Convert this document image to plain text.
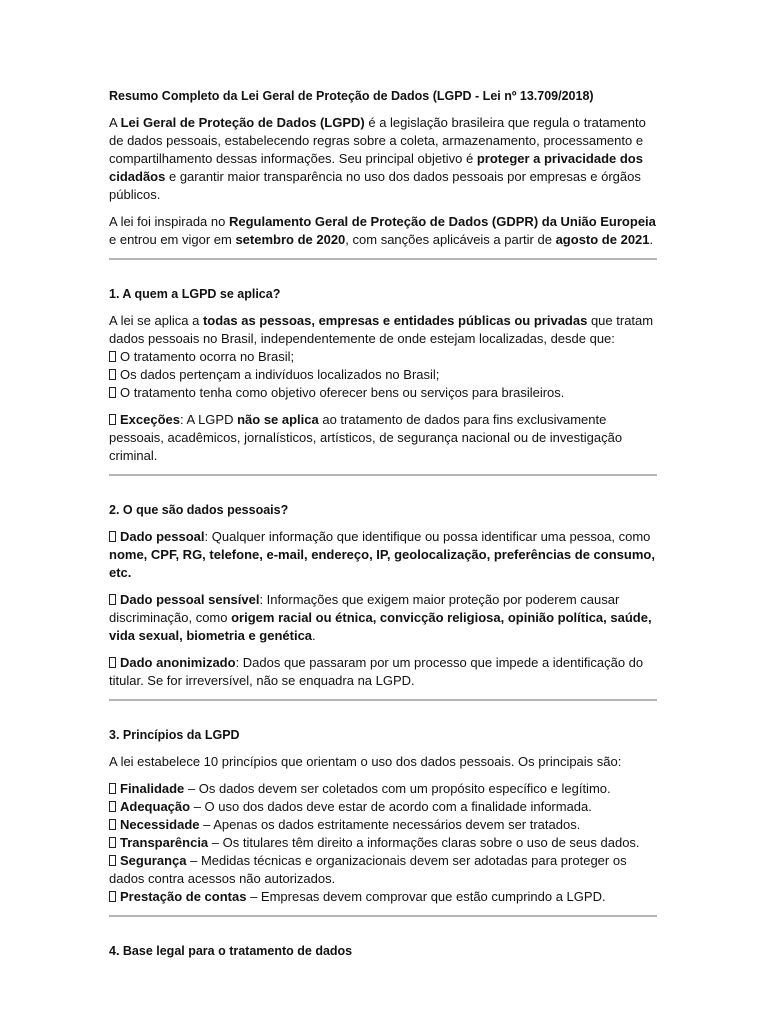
Resumo Completo da Lei Geral de Proteção de Dados (LGPD - Lei nº 13.709/2018)

A Lei Geral de Proteção de Dados (LGPD) é a legislação brasileira que regula o tratamento de dados pessoais, estabelecendo regras sobre a coleta, armazenamento, processamento e compartilhamento dessas informações. Seu principal objetivo é proteger a privacidade dos cidadãos e garantir maior transparência no uso dos dados pessoais por empresas e órgãos públicos.

A lei foi inspirada no Regulamento Geral de Proteção de Dados (GDPR) da União Europeia e entrou em vigor em setembro de 2020, com sanções aplicáveis a partir de agosto de 2021.

1. A quem a LGPD se aplica?
A lei se aplica a todas as pessoas, empresas e entidades públicas ou privadas que tratam dados pessoais no Brasil, independentemente de onde estejam localizadas, desde que:
O tratamento ocorra no Brasil;
Os dados pertençam a indivíduos localizados no Brasil;
O tratamento tenha como objetivo oferecer bens ou serviços para brasileiros.

Exceções: A LGPD não se aplica ao tratamento de dados para fins exclusivamente pessoais, acadêmicos, jornalísticos, artísticos, de segurança nacional ou de investigação criminal.

2. O que são dados pessoais?

Dado pessoal: Qualquer informação que identifique ou possa identificar uma pessoa, como nome, CPF, RG, telefone, e-mail, endereço, IP, geolocalização, preferências de consumo, etc.

Dado pessoal sensível: Informações que exigem maior proteção por poderem causar discriminação, como origem racial ou étnica, convicção religiosa, opinião política, saúde, vida sexual, biometria e genética.

Dado anonimizado: Dados que passaram por um processo que impede a identificação do titular. Se for irreversível, não se enquadra na LGPD.

3. Princípios da LGPD

A lei estabelece 10 princípios que orientam o uso dos dados pessoais. Os principais são:

Finalidade – Os dados devem ser coletados com um propósito específico e legítimo.
Adequação – O uso dos dados deve estar de acordo com a finalidade informada.
Necessidade – Apenas os dados estritamente necessários devem ser tratados.
Transparência – Os titulares têm direito a informações claras sobre o uso de seus dados.
Segurança – Medidas técnicas e organizacionais devem ser adotadas para proteger os dados contra acessos não autorizados.
Prestação de contas – Empresas devem comprovar que estão cumprindo a LGPD.
4. Base legal para o tratamento de dados
